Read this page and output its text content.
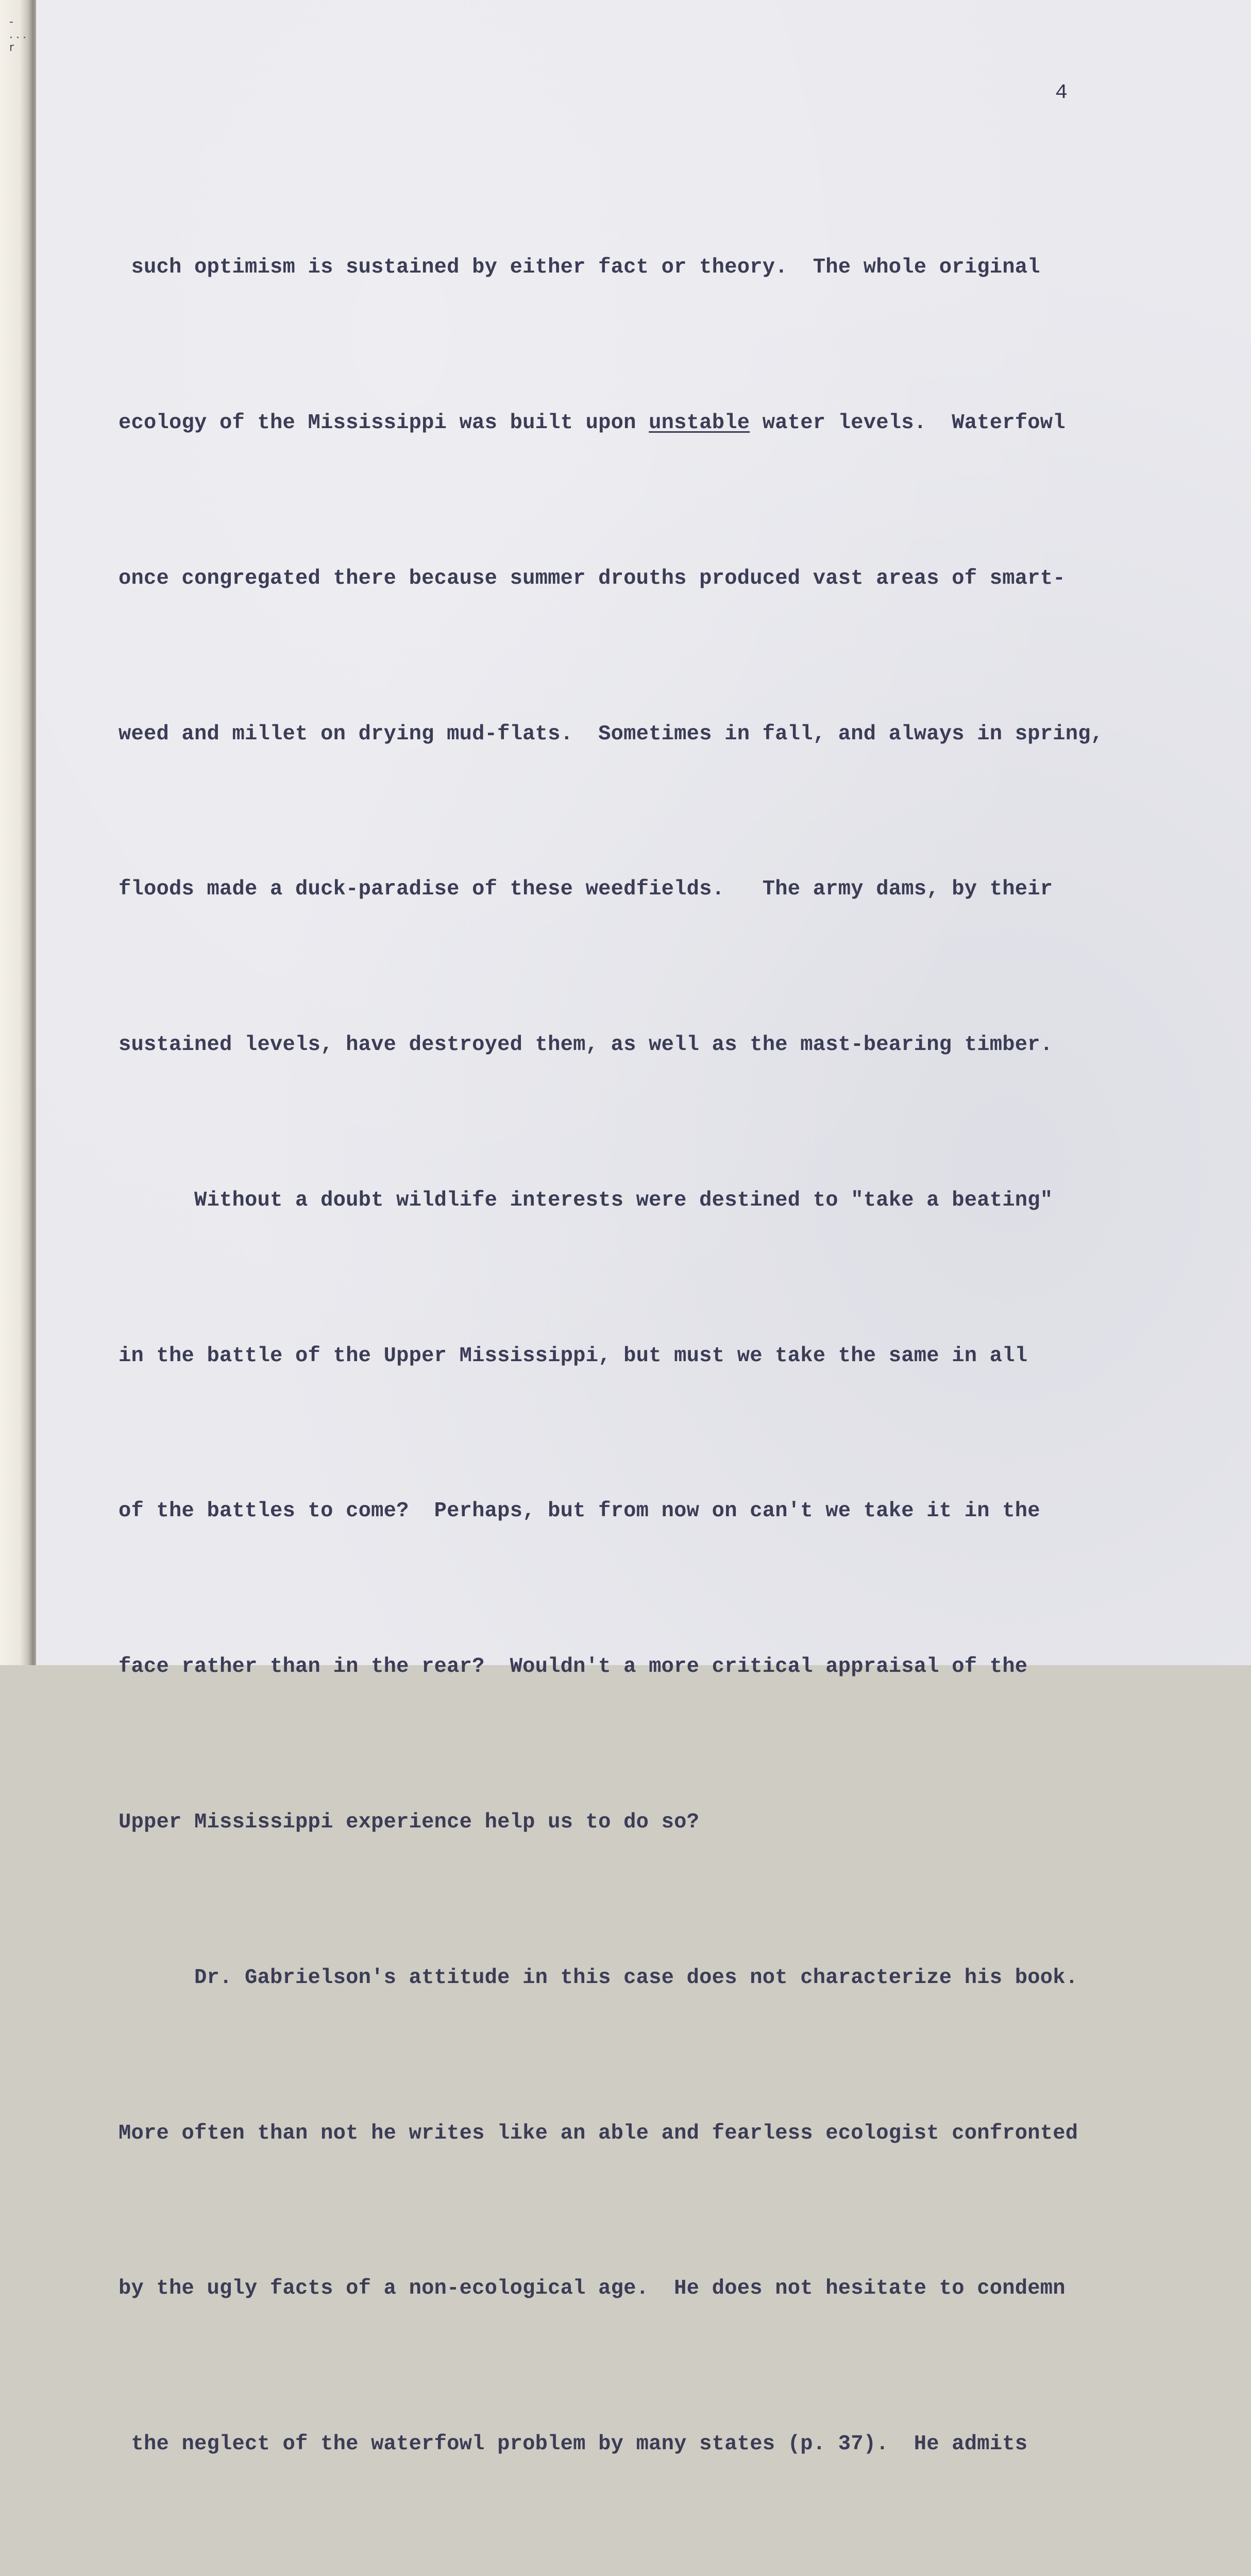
- ... r
4

such optimism is sustained by either fact or theory.  The whole original

ecology of the Mississippi was built upon unstable water levels.  Waterfowl

once congregated there because summer drouths produced vast areas of smart-

weed and millet on drying mud-flats.  Sometimes in fall, and always in spring,

floods made a duck-paradise of these weedfields.   The army dams, by their

sustained levels, have destroyed them, as well as the mast-bearing timber.

Without a doubt wildlife interests were destined to "take a beating"

in the battle of the Upper Mississippi, but must we take the same in all

of the battles to come?  Perhaps, but from now on can't we take it in the

face rather than in the rear?  Wouldn't a more critical appraisal of the

Upper Mississippi experience help us to do so?

Dr. Gabrielson's attitude in this case does not characterize his book.

More often than not he writes like an able and fearless ecologist confronted

by the ugly facts of a non-ecological age.  He does not hesitate to condemn

the neglect of the waterfowl problem by many states (p. 37).  He admits
